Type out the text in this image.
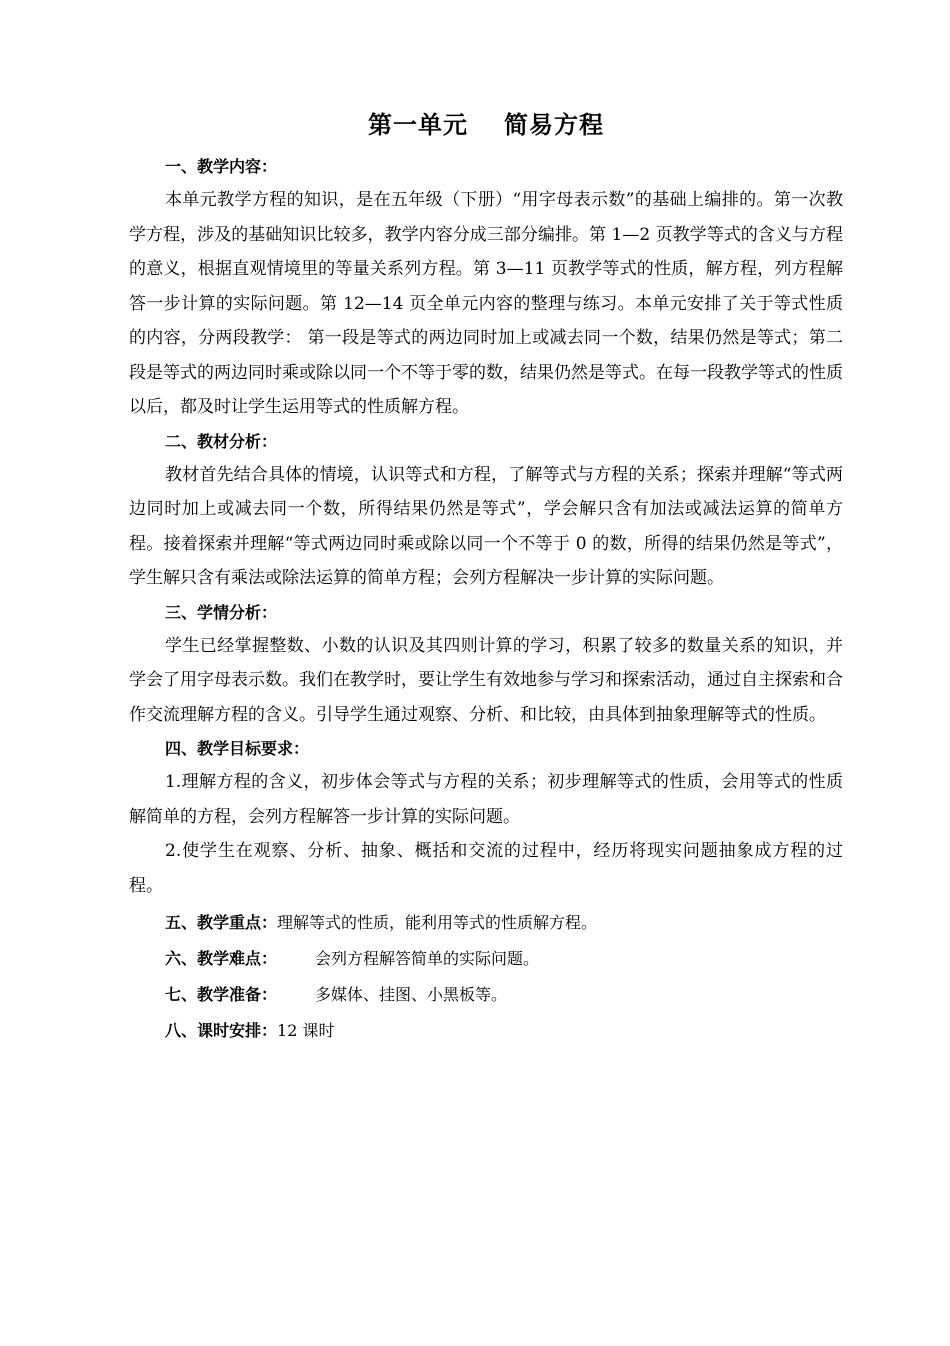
第一单元 简易方程

一、教学内容：

本单元教学方程的知识，是在五年级（下册）“用字母表示数”的基础上编排的。第一次教学方程，涉及的基础知识比较多，教学内容分成三部分编排。第 1—2 页教学等式的含义与方程的意义，根据直观情境里的等量关系列方程。第 3—11 页教学等式的性质，解方程，列方程解答一步计算的实际问题。第 12—14 页全单元内容的整理与练习。本单元安排了关于等式性质的内容，分两段教学： 第一段是等式的两边同时加上或减去同一个数，结果仍然是等式；第二段是等式的两边同时乘或除以同一个不等于零的数，结果仍然是等式。在每一段教学等式的性质以后，都及时让学生运用等式的性质解方程。

二、教材分析：

教材首先结合具体的情境，认识等式和方程，了解等式与方程的关系；探索并理解“等式两边同时加上或减去同一个数，所得结果仍然是等式”，学会解只含有加法或减法运算的简单方程。接着探索并理解“等式两边同时乘或除以同一个不等于 0 的数，所得的结果仍然是等式”，学生解只含有乘法或除法运算的简单方程；会列方程解决一步计算的实际问题。

三、学情分析：

学生已经掌握整数、小数的认识及其四则计算的学习，积累了较多的数量关系的知识，并学会了用字母表示数。我们在教学时，要让学生有效地参与学习和探索活动，通过自主探索和合作交流理解方程的含义。引导学生通过观察、分析、和比较，由具体到抽象理解等式的性质。

四、教学目标要求：

1.理解方程的含义，初步体会等式与方程的关系；初步理解等式的性质，会用等式的性质解简单的方程，会列方程解答一步计算的实际问题。

2.使学生在观察、分析、抽象、概括和交流的过程中，经历将现实问题抽象成方程的过程。

五、教学重点：理解等式的性质，能利用等式的性质解方程。

六、教学难点： 会列方程解答简单的实际问题。

七、教学准备： 多媒体、挂图、小黑板等。

八、课时安排：12 课时
